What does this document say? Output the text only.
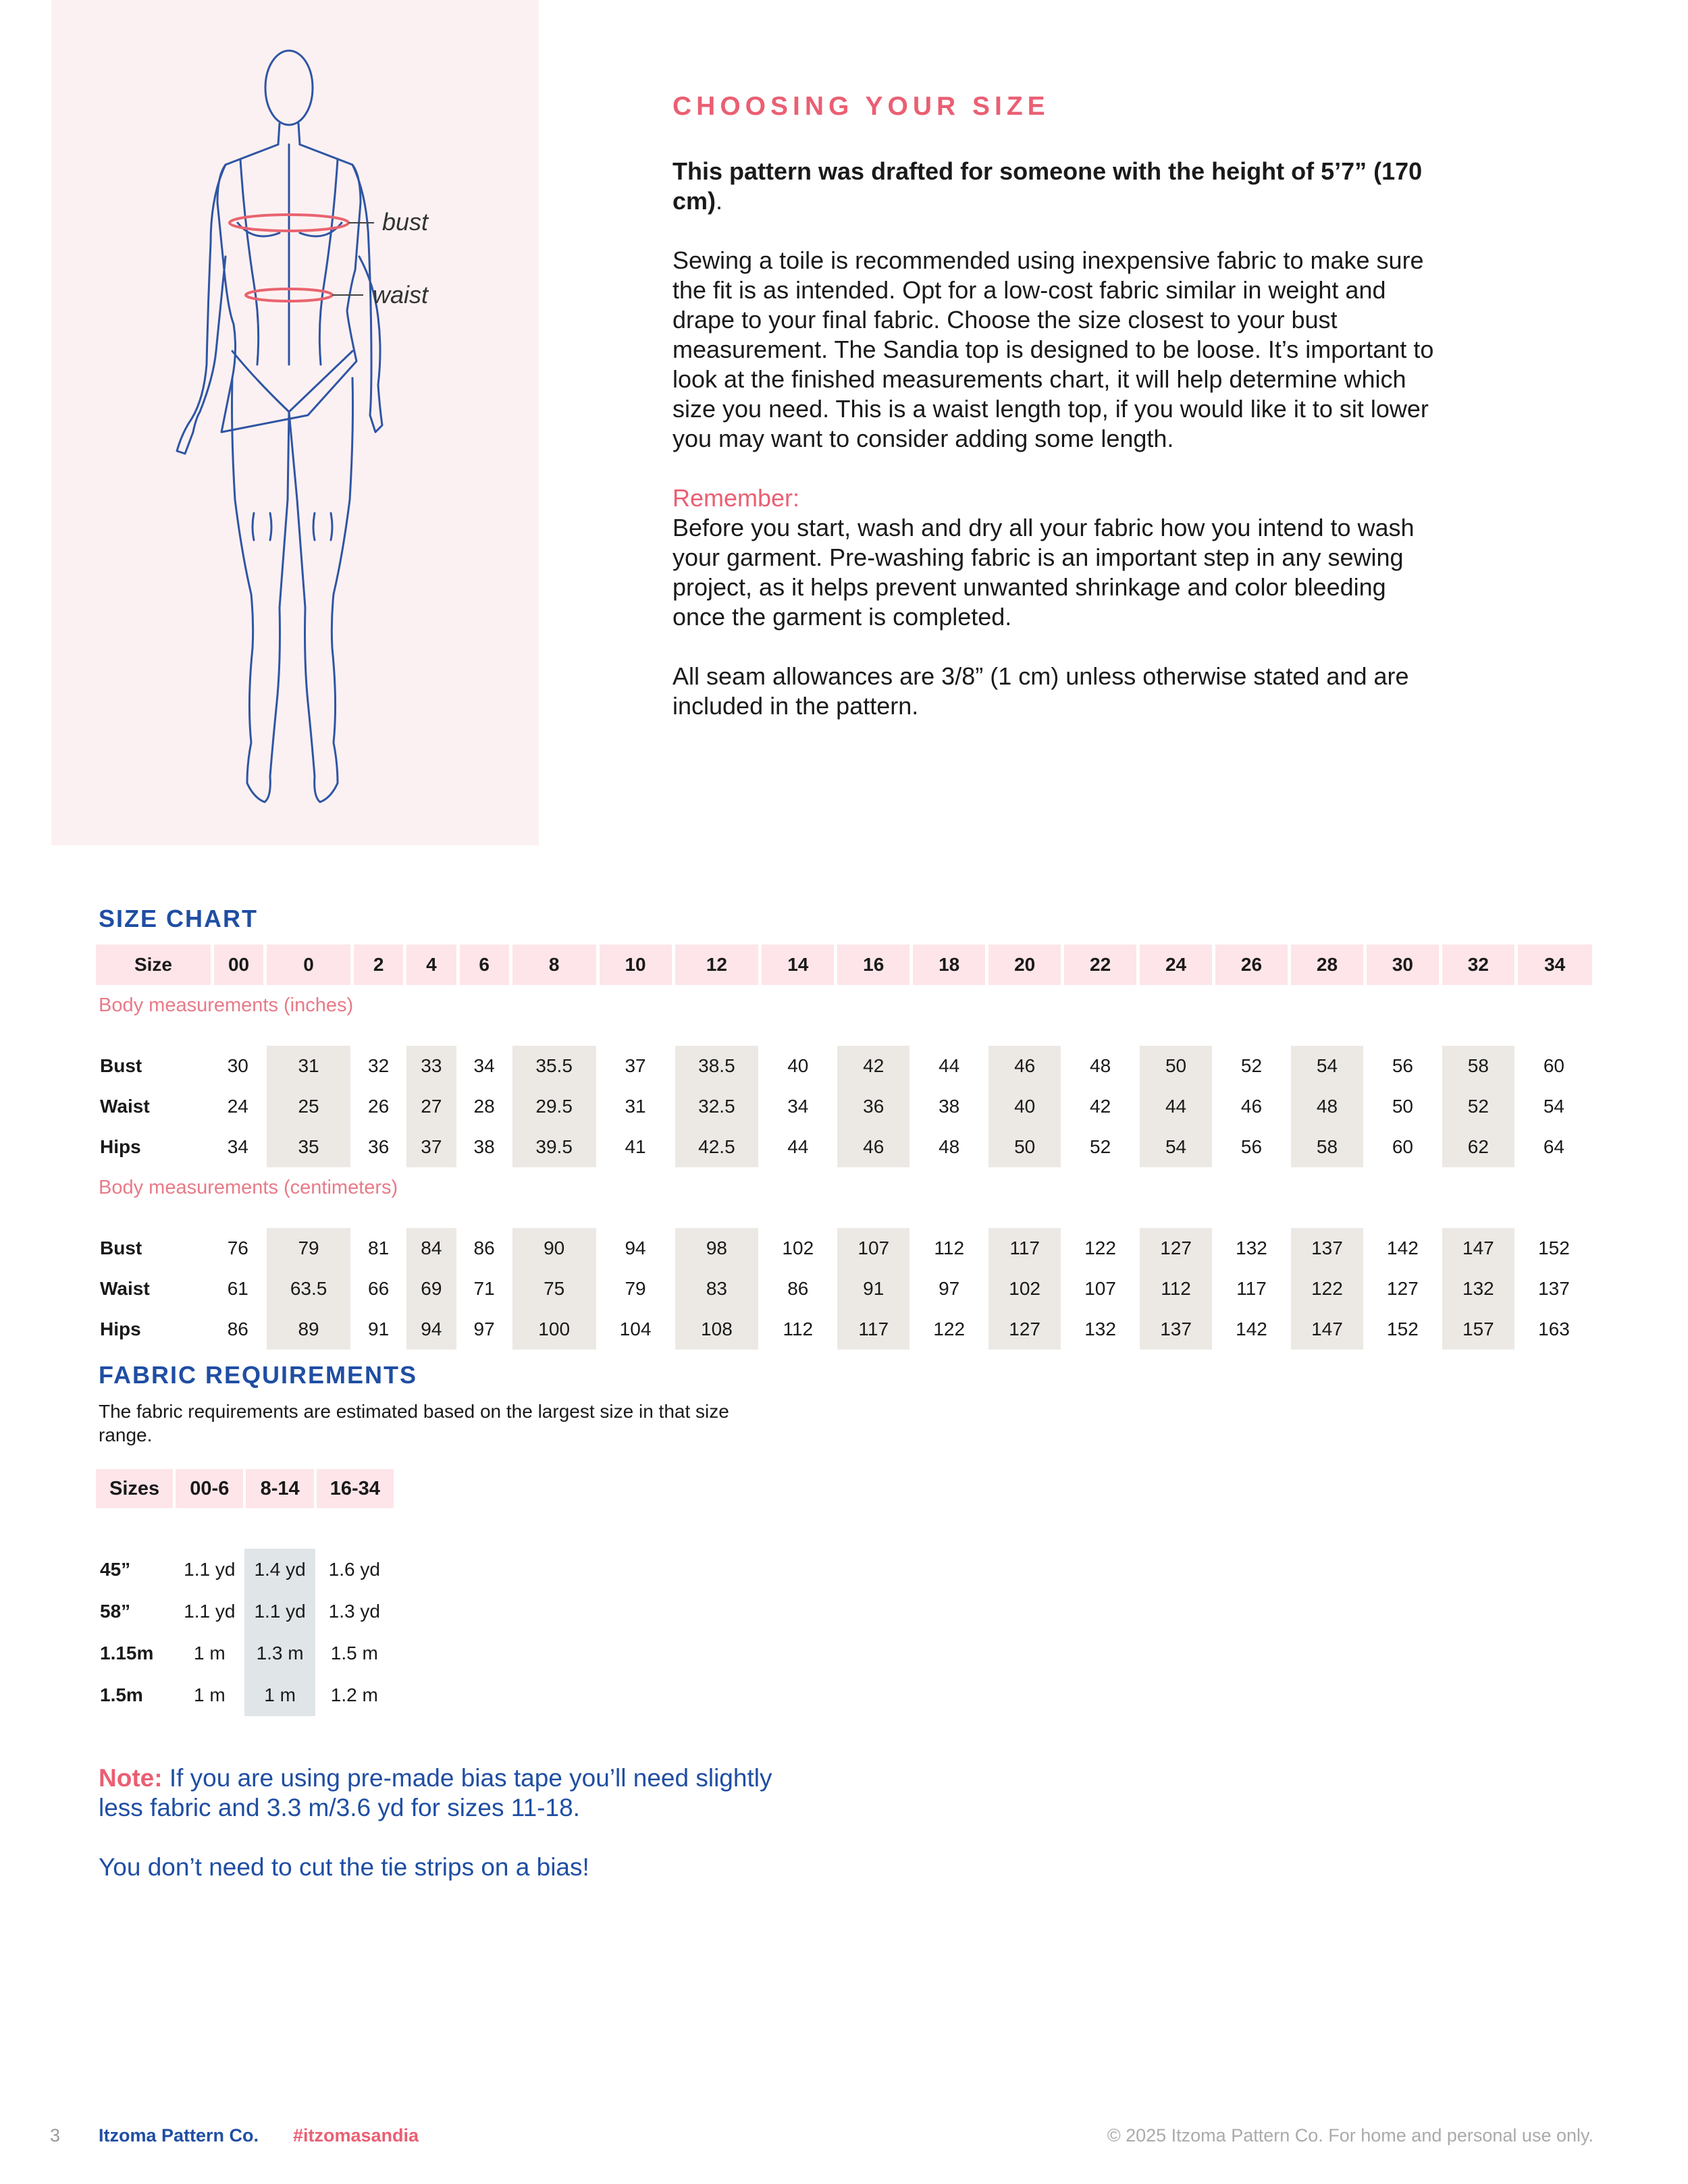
bust
waist
CHOOSING YOUR SIZE

This pattern was drafted for someone with the height of 5’7” (170 cm).

Sewing a toile is recommended using inexpensive fabric to make sure the fit is as intended. Opt for a low-cost fabric similar in weight and drape to your final fabric. Choose the size closest to your bust measurement. The Sandia top is designed to be loose. It’s important to look at the finished measurements chart, it will help determine which size you need. This is a waist length top, if you would like it to sit lower you may want to consider adding some length.

Remember:
Before you start, wash and dry all your fabric how you intend to wash your garment. Pre-washing fabric is an important step in any sewing project, as it helps prevent unwanted shrinkage and color bleeding once the garment is completed.

All seam allowances are 3/8” (1 cm) unless otherwise stated and are included in the pattern.

SIZE CHART
Size	00	0	2	4	6	8	10	12	14	16	18	20	22	24	26	28	30	32	34
Body measurements (inches)																			

Bust	30	31	32	33	34	35.5	37	38.5	40	42	44	46	48	50	52	54	56	58	60
Waist	24	25	26	27	28	29.5	31	32.5	34	36	38	40	42	44	46	48	50	52	54
Hips	34	35	36	37	38	39.5	41	42.5	44	46	48	50	52	54	56	58	60	62	64
Body measurements (centimeters)																			

Bust	76	79	81	84	86	90	94	98	102	107	112	117	122	127	132	137	142	147	152
Waist	61	63.5	66	69	71	75	79	83	86	91	97	102	107	112	117	122	127	132	137
Hips	86	89	91	94	97	100	104	108	112	117	122	127	132	137	142	147	152	157	163
FABRIC REQUIREMENTS
The fabric requirements are estimated based on the largest size in that size range.
Sizes	00-6	8-14	16-34

45”	1.1 yd	1.4 yd	1.6 yd
58”	1.1 yd	1.1 yd	1.3 yd
1.15m	1 m	1.3 m	1.5 m
1.5m	1 m	1 m	1.2 m

Note: If you are using pre-made bias tape you’ll need slightly less fabric and 3.3 m/3.6 yd for sizes 11-18.

You don’t need to cut the tie strips on a bias!

3 Itzoma Pattern Co. #itzomasandia	© 2025 Itzoma Pattern Co. For home and personal use only.
